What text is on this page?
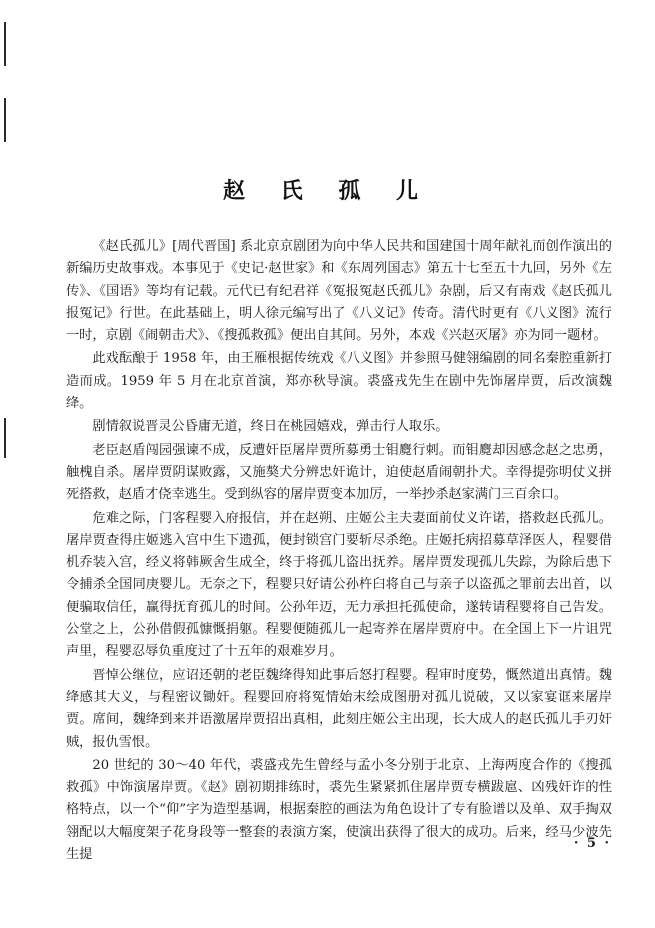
赵 氏 孤 儿

《赵氏孤儿》[周代晋国] 系北京京剧团为向中华人民共和国建国十周年献礼而创作演出的新编历史故事戏。本事见于《史记·赵世家》和《东周列国志》第五十七至五十九回，另外《左传》、《国语》等均有记载。元代已有纪君祥《冤报冤赵氏孤儿》杂剧，后又有南戏《赵氏孤儿报冤记》行世。在此基础上，明人徐元编写出了《八义记》传奇。清代时更有《八义图》流行一时，京剧《闹朝击犬》、《搜孤救孤》便出自其间。另外，本戏《兴赵灭屠》亦为同一题材。

此戏酝酿于 1958 年，由王雁根据传统戏《八义图》并参照马健翎编剧的同名秦腔重新打造而成。1959 年 5 月在北京首演，郑亦秋导演。裘盛戎先生在剧中先饰屠岸贾，后改演魏绛。

剧情叙说晋灵公昏庸无道，终日在桃园嬉戏，弹击行人取乐。

老臣赵盾闯园强谏不成，反遭奸臣屠岸贾所募勇士钼麑行刺。而钼麑却因感念赵之忠勇，触槐自杀。屠岸贾阴谋败露，又施獒犬分辨忠奸诡计，迫使赵盾闹朝扑犬。幸得提弥明仗义拼死搭救，赵盾才侥幸逃生。受到纵容的屠岸贾变本加厉，一举抄杀赵家满门三百余口。

危难之际，门客程婴入府报信，并在赵朔、庄姬公主夫妻面前仗义许诺，搭救赵氏孤儿。屠岸贾查得庄姬逃入宫中生下遗孤，便封锁宫门要斩尽杀绝。庄姬托病招募草泽医人，程婴借机乔装入宫，经义将韩厥舍生成全，终于将孤儿盗出抚养。屠岸贾发现孤儿失踪，为除后患下令捕杀全国同庚婴儿。无奈之下，程婴只好请公孙杵臼将自己与亲子以盗孤之罪前去出首，以便骗取信任，赢得抚育孤儿的时间。公孙年迈，无力承担托孤使命，遂转请程婴将自己告发。公堂之上，公孙借假孤慷慨捐躯。程婴便随孤儿一起寄养在屠岸贾府中。在全国上下一片诅咒声里，程婴忍辱负重度过了十五年的艰难岁月。

晋悼公继位，应诏还朝的老臣魏绛得知此事后怒打程婴。程审时度势，慨然道出真情。魏绛感其大义，与程密议锄奸。程婴回府将冤情始末绘成图册对孤儿说破，又以家宴诓来屠岸贾。席间，魏绛到来并语激屠岸贾招出真相，此刻庄姬公主出现，长大成人的赵氏孤儿手刃奸贼，报仇雪恨。

20 世纪的 30～40 年代，裘盛戎先生曾经与孟小冬分别于北京、上海两度合作的《搜孤救孤》中饰演屠岸贾。《赵》剧初期排练时，裘先生紧紧抓住屠岸贾专横跋扈、凶残奸诈的性格特点，以一个“仰”字为造型基调，根据秦腔的画法为角色设计了专有脸谱以及单、双手掏双翎配以大幅度架子花身段等一整套的表演方案，使演出获得了很大的成功。后来，经马少波先生提

· 5 ·
